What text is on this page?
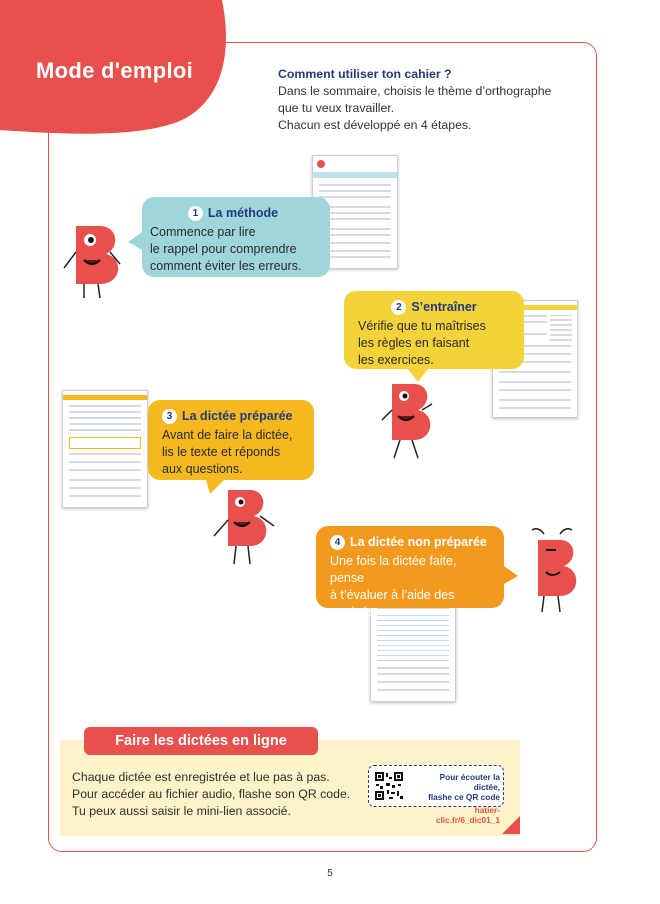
Mode d'emploi	Comment utiliser ton cahier ?
Dans le sommaire, choisis le thème d’orthographe
que tu veux travailler.
Chacun est développé en 4 étapes.
1 La méthode
Commence par lire
le rappel pour comprendre
comment éviter les erreurs.
2 S’entraîner
Vérifie que tu maîtrises
les règles en faisant
les exercices.
3 La dictée préparée
Avant de faire la dictée,
lis le texte et réponds
aux questions.
4 La dictée non préparée
Une fois la dictée faite, pense
à t’évaluer à l’aide des corrigés.
Faire les dictées en ligne
Chaque dictée est enregistrée et lue pas à pas.
Pour accéder au fichier audio, flashe son QR code.
Tu peux aussi saisir le mini-lien associé.
Pour écouter la dictée,
flashe ce QR code
hatier-clic.fr/6_dic01_1
5
